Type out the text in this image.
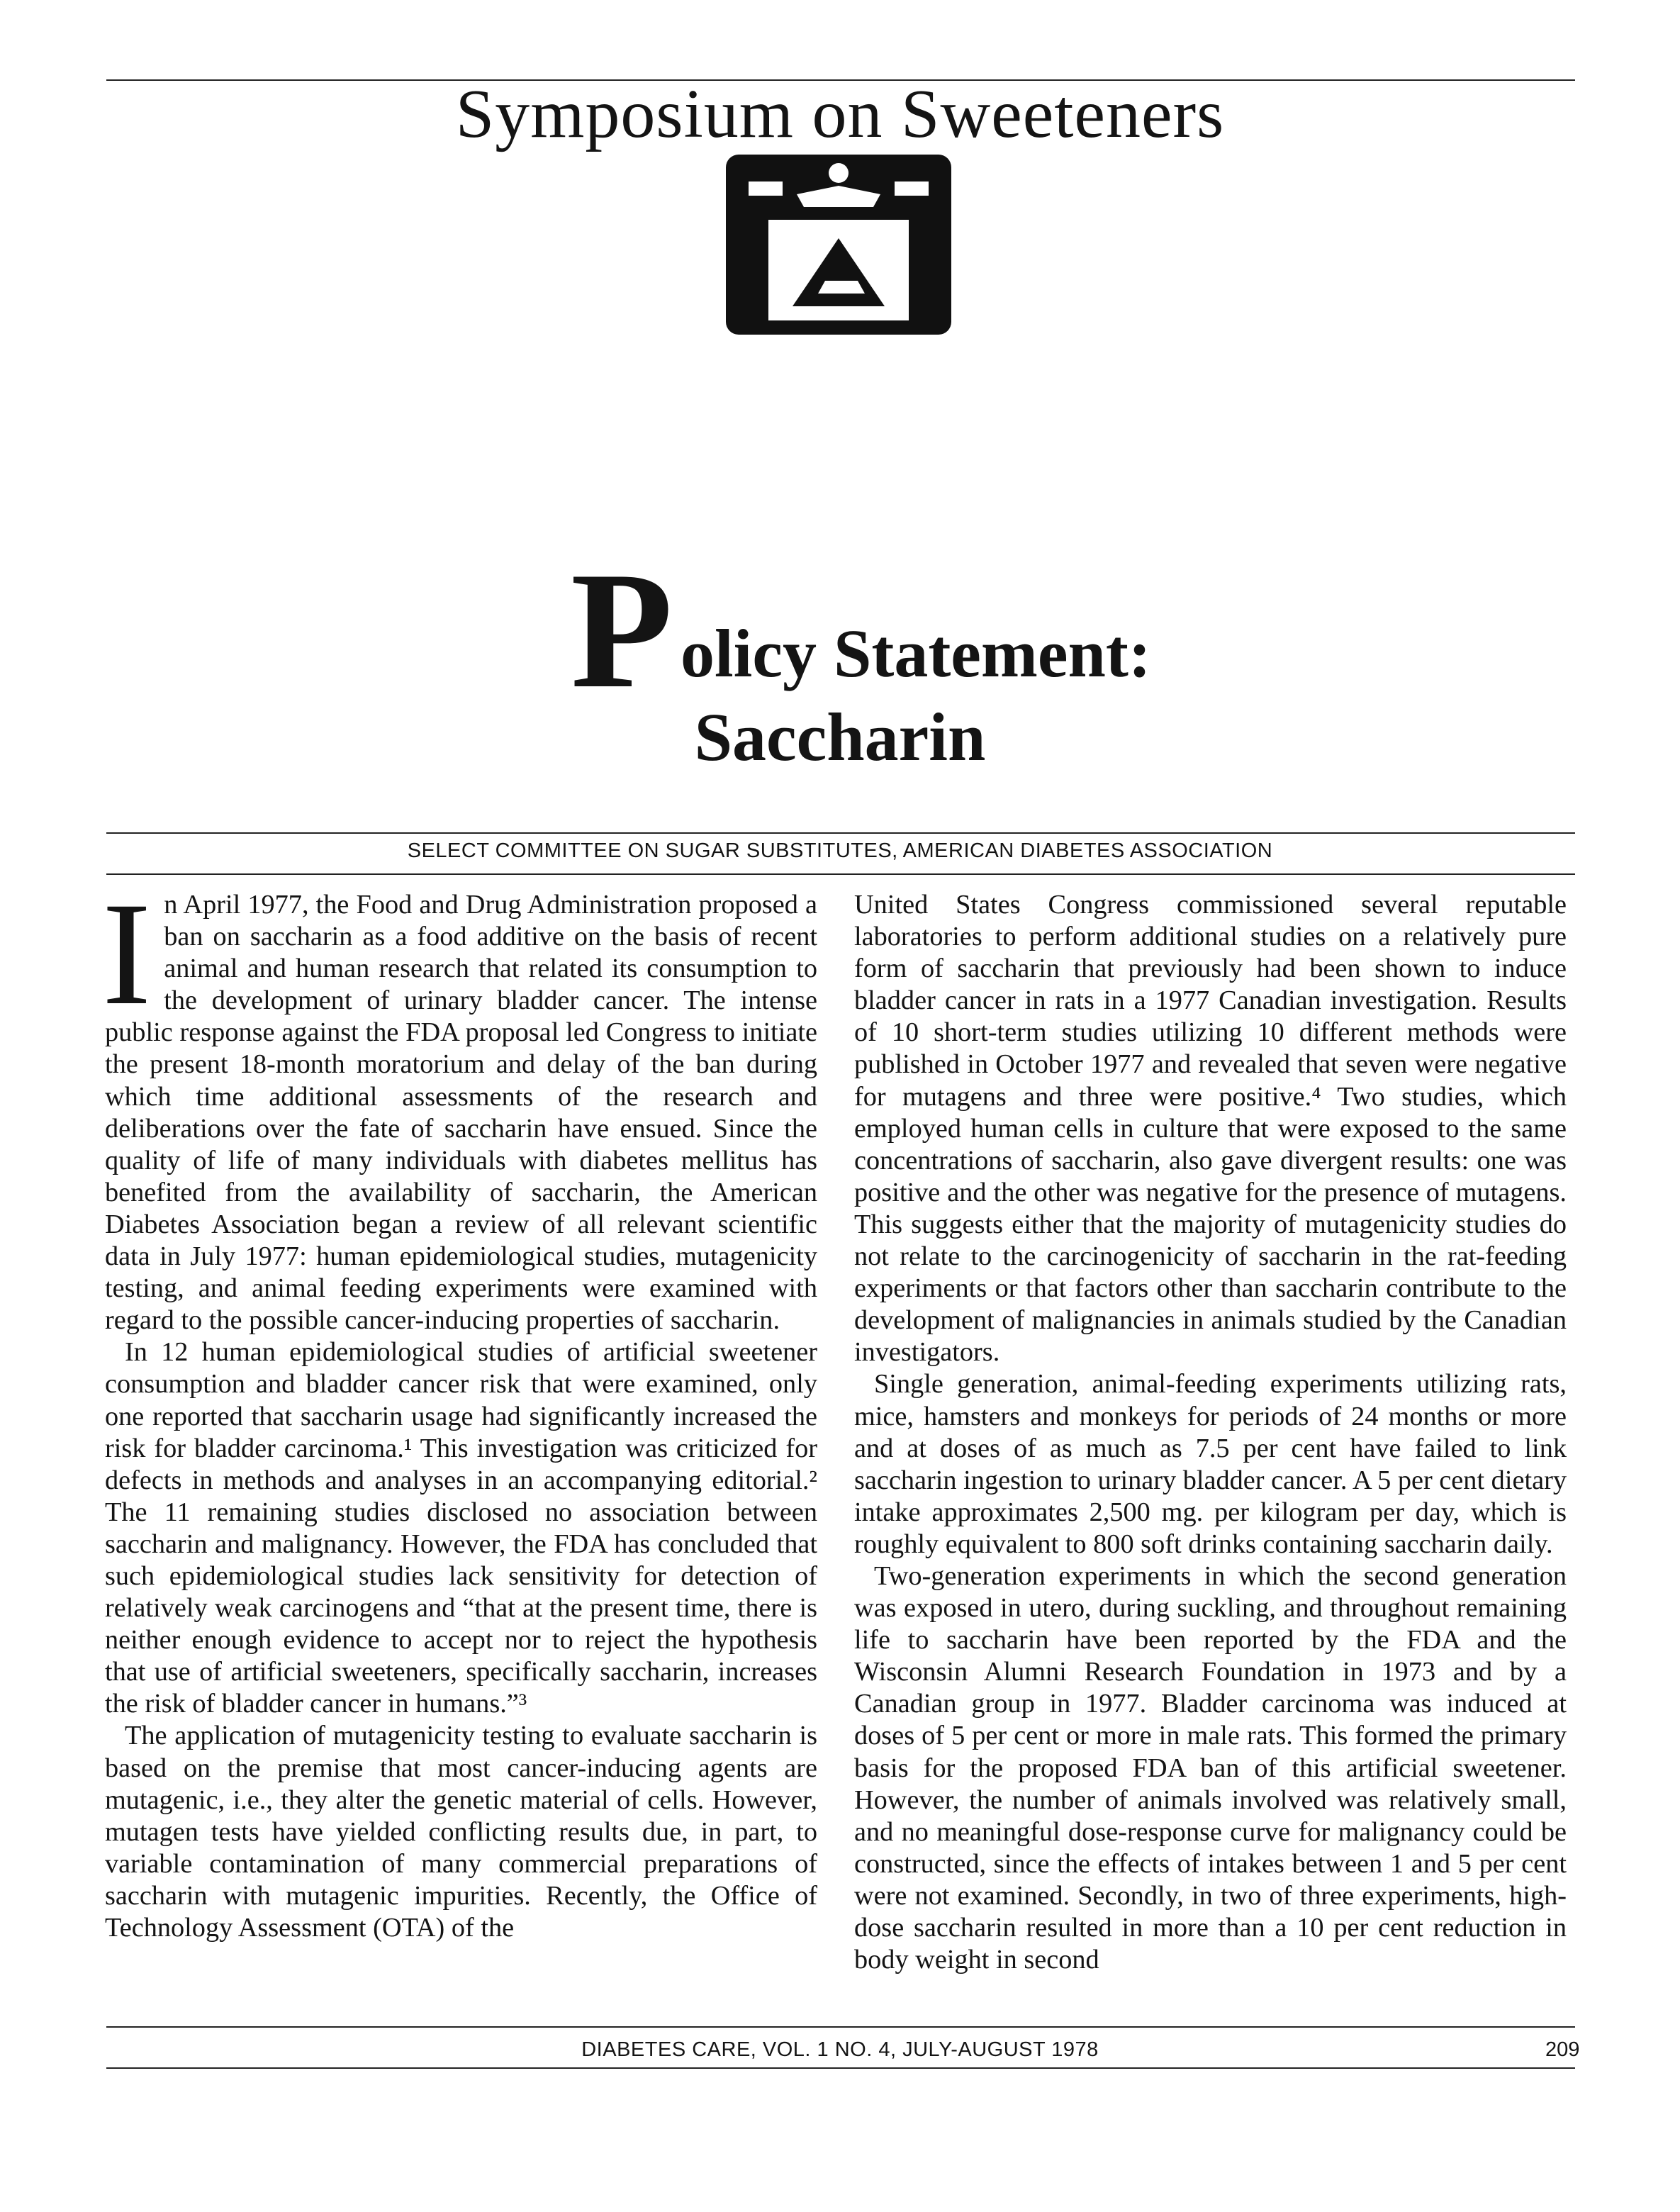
Symposium on Sweeteners
P olicy Statement:
Saccharin
SELECT COMMITTEE ON SUGAR SUBSTITUTES, AMERICAN DIABETES ASSOCIATION

In April 1977, the Food and Drug Administration proposed a ban on saccharin as a food additive on the basis of recent animal and human research that related its consumption to the development of urinary bladder cancer. The intense public response against the FDA proposal led Congress to initiate the present 18-month moratorium and delay of the ban during which time additional assessments of the research and deliberations over the fate of saccharin have ensued. Since the quality of life of many individuals with diabetes mellitus has benefited from the availability of saccharin, the American Diabetes Association began a review of all relevant scientific data in July 1977: human epidemiological studies, mutagenicity testing, and animal feeding experiments were examined with regard to the possible cancer-inducing properties of saccharin.

In 12 human epidemiological studies of artificial sweetener consumption and bladder cancer risk that were examined, only one reported that saccharin usage had significantly increased the risk for bladder carcinoma.¹ This investigation was criticized for defects in methods and analyses in an accompanying editorial.² The 11 remaining studies disclosed no association between saccharin and malignancy. However, the FDA has concluded that such epidemiological studies lack sensitivity for detection of relatively weak carcinogens and “that at the present time, there is neither enough evidence to accept nor to reject the hypothesis that use of artificial sweeteners, specifically saccharin, increases the risk of bladder cancer in humans.”³

The application of mutagenicity testing to evaluate saccharin is based on the premise that most cancer-inducing agents are mutagenic, i.e., they alter the genetic material of cells. However, mutagen tests have yielded conflicting results due, in part, to variable contamination of many commercial preparations of saccharin with mutagenic impurities. Recently, the Office of Technology Assessment (OTA) of the

United States Congress commissioned several reputable laboratories to perform additional studies on a relatively pure form of saccharin that previously had been shown to induce bladder cancer in rats in a 1977 Canadian investigation. Results of 10 short-term studies utilizing 10 different methods were published in October 1977 and revealed that seven were negative for mutagens and three were positive.⁴ Two studies, which employed human cells in culture that were exposed to the same concentrations of saccharin, also gave divergent results: one was positive and the other was negative for the presence of mutagens. This suggests either that the majority of mutagenicity studies do not relate to the carcinogenicity of saccharin in the rat-feeding experiments or that factors other than saccharin contribute to the development of malignancies in animals studied by the Canadian investigators.

Single generation, animal-feeding experiments utilizing rats, mice, hamsters and monkeys for periods of 24 months or more and at doses of as much as 7.5 per cent have failed to link saccharin ingestion to urinary bladder cancer. A 5 per cent dietary intake approximates 2,500 mg. per kilogram per day, which is roughly equivalent to 800 soft drinks containing saccharin daily.

Two-generation experiments in which the second generation was exposed in utero, during suckling, and throughout remaining life to saccharin have been reported by the FDA and the Wisconsin Alumni Research Foundation in 1973 and by a Canadian group in 1977. Bladder carcinoma was induced at doses of 5 per cent or more in male rats. This formed the primary basis for the proposed FDA ban of this artificial sweetener. However, the number of animals involved was relatively small, and no meaningful dose-response curve for malignancy could be constructed, since the effects of intakes between 1 and 5 per cent were not examined. Secondly, in two of three experiments, high-dose saccharin resulted in more than a 10 per cent reduction in body weight in second

DIABETES CARE, VOL. 1 NO. 4, JULY-AUGUST 1978	209
